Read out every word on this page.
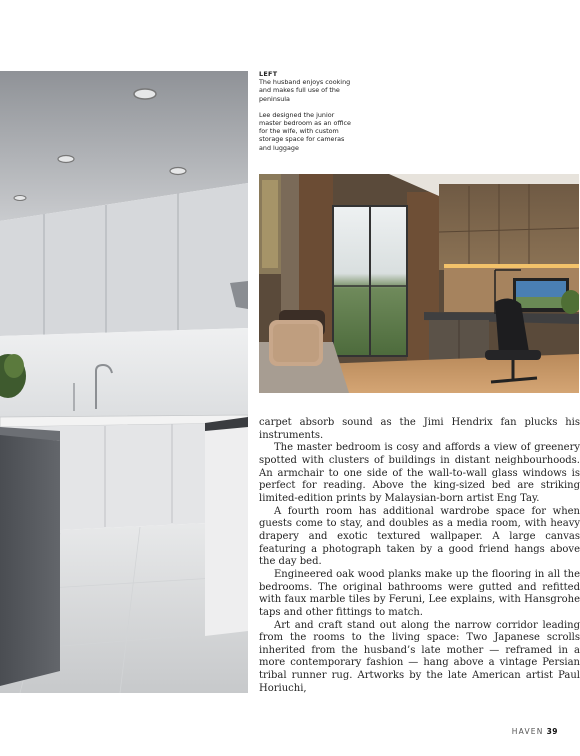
LEFT

The husband enjoys cooking and makes full use of the peninsula

Lee designed the junior master bedroom as an office for the wife, with custom storage space for cameras and luggage

carpet absorb sound as the Jimi Hendrix fan plucks his instruments.

The master bedroom is cosy and affords a view of greenery spotted with clusters of buildings in distant neighbourhoods. An armchair to one side of the wall-to-wall glass windows is perfect for reading. Above the king-sized bed are striking limited-edition prints by Malaysian-born artist Eng Tay.

A fourth room has additional wardrobe space for when guests come to stay, and doubles as a media room, with heavy drapery and exotic textured wallpaper. A large canvas featuring a photograph taken by a good friend hangs above the day bed.

Engineered oak wood planks make up the flooring in all the bedrooms. The original bathrooms were gutted and refitted with faux marble tiles by Feruni, Lee explains, with Hansgrohe taps and other fittings to match.

Art and craft stand out along the narrow corridor leading from the rooms to the living space: Two Japanese scrolls inherited from the husband’s late mother — reframed in a more contemporary fashion — hang above a vintage Persian tribal runner rug. Artworks by the late American artist Paul Horiuchi,

HAVEN 39
